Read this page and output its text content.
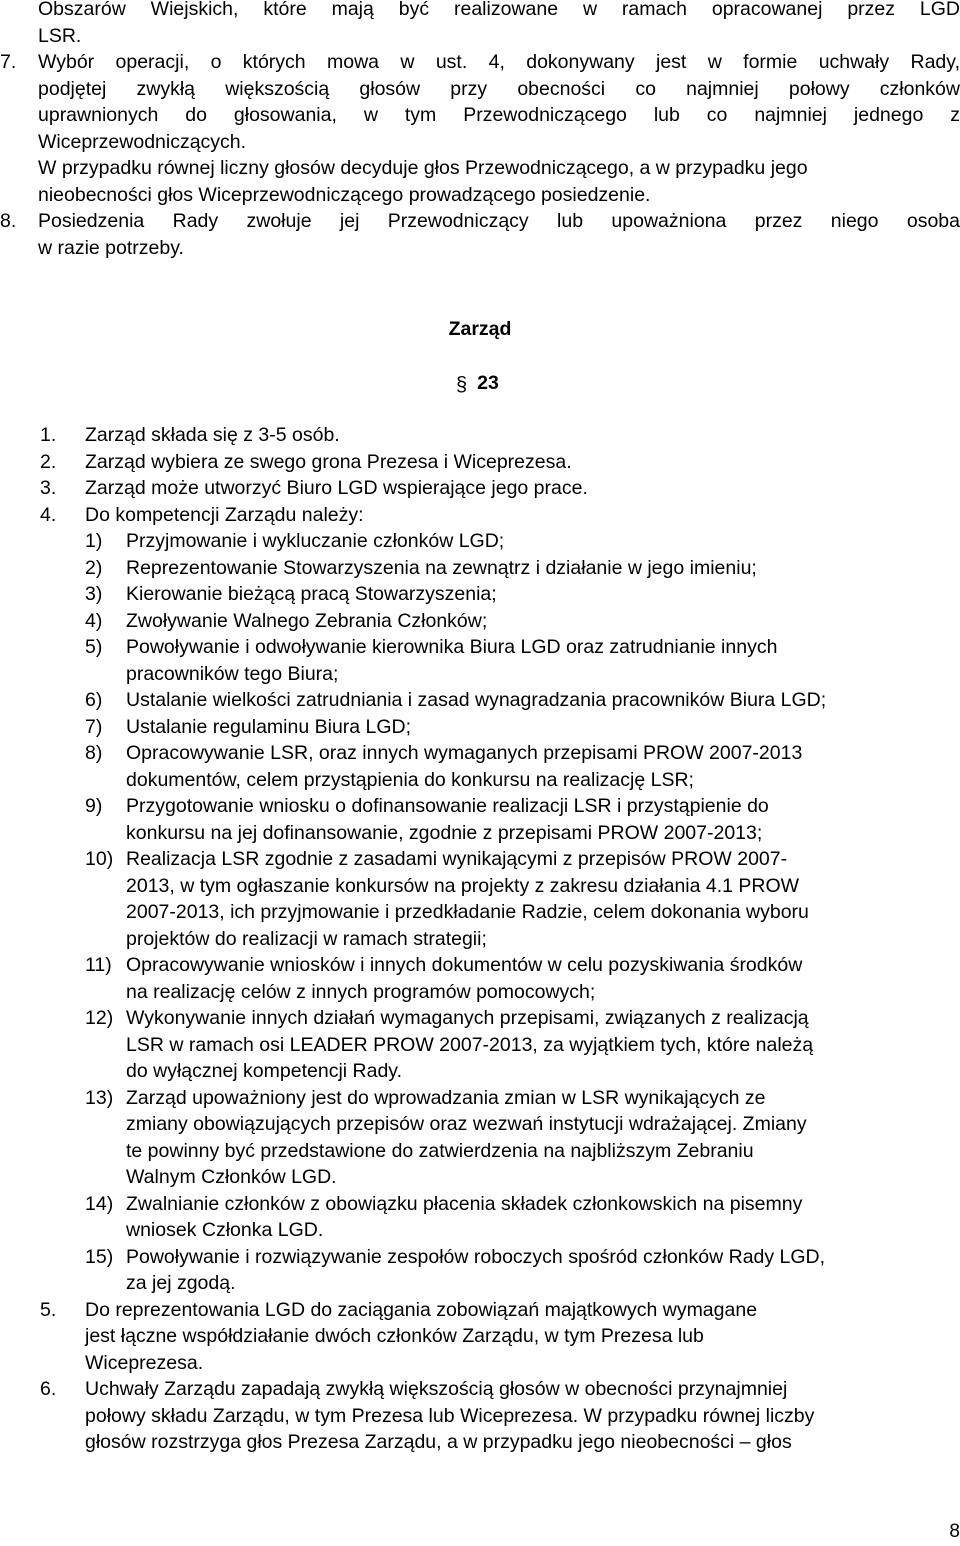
Obszarów Wiejskich, które mają być realizowane w ramach opracowanej przez LGD
LSR.
7. Wybór operacji, o których mowa w ust. 4, dokonywany jest w formie uchwały Rady,
podjętej zwykłą większością głosów przy obecności co najmniej połowy członków
uprawnionych do głosowania, w tym Przewodniczącego lub co najmniej jednego z
Wiceprzewodniczących.
W przypadku równej liczny głosów decyduje głos Przewodniczącego, a w przypadku jego
nieobecności głos Wiceprzewodniczącego prowadzącego posiedzenie.
8. Posiedzenia Rady zwołuje jej Przewodniczący lub upoważniona przez niego osoba
w razie potrzeby.
Zarząd
§ 23
1. Zarząd składa się z 3-5 osób.
2. Zarząd wybiera ze swego grona Prezesa i Wiceprezesa.
3. Zarząd może utworzyć Biuro LGD wspierające jego prace.
4. Do kompetencji Zarządu należy:
1) Przyjmowanie i wykluczanie członków LGD;
2) Reprezentowanie Stowarzyszenia na zewnątrz i działanie w jego imieniu;
3) Kierowanie bieżącą pracą Stowarzyszenia;
4) Zwoływanie Walnego Zebrania Członków;
5) Powoływanie i odwoływanie kierownika Biura LGD oraz zatrudnianie innych
pracowników tego Biura;
6) Ustalanie wielkości zatrudniania i zasad wynagradzania pracowników Biura LGD;
7) Ustalanie regulaminu Biura LGD;
8) Opracowywanie LSR, oraz innych wymaganych przepisami PROW 2007-2013
dokumentów, celem przystąpienia do konkursu na realizację LSR;
9) Przygotowanie wniosku o dofinansowanie realizacji LSR i przystąpienie do
konkursu na jej dofinansowanie, zgodnie z przepisami PROW 2007-2013;
10) Realizacja LSR zgodnie z zasadami wynikającymi z przepisów PROW 2007-
2013, w tym ogłaszanie konkursów na projekty z zakresu działania 4.1 PROW
2007-2013, ich przyjmowanie i przedkładanie Radzie, celem dokonania wyboru
projektów do realizacji w ramach strategii;
11) Opracowywanie wniosków i innych dokumentów w celu pozyskiwania środków
na realizację celów z innych programów pomocowych;
12) Wykonywanie innych działań wymaganych przepisami, związanych z realizacją
LSR w ramach osi LEADER PROW 2007-2013, za wyjątkiem tych, które należą
do wyłącznej kompetencji Rady.
13) Zarząd upoważniony jest do wprowadzania zmian w LSR wynikających ze
zmiany obowiązujących przepisów oraz wezwań instytucji wdrażającej. Zmiany
te powinny być przedstawione do zatwierdzenia na najbliższym Zebraniu
Walnym Członków LGD.
14) Zwalnianie członków z obowiązku płacenia składek członkowskich na pisemny
wniosek Członka LGD.
15) Powoływanie i rozwiązywanie zespołów roboczych spośród członków Rady LGD,
za jej zgodą.
5. Do reprezentowania LGD do zaciągania zobowiązań majątkowych wymagane
jest łączne współdziałanie dwóch członków Zarządu, w tym Prezesa lub
Wiceprezesa.
6. Uchwały Zarządu zapadają zwykłą większością głosów w obecności przynajmniej
połowy składu Zarządu, w tym Prezesa lub Wiceprezesa. W przypadku równej liczby
głosów rozstrzyga głos Prezesa Zarządu, a w przypadku jego nieobecności – głos
8
